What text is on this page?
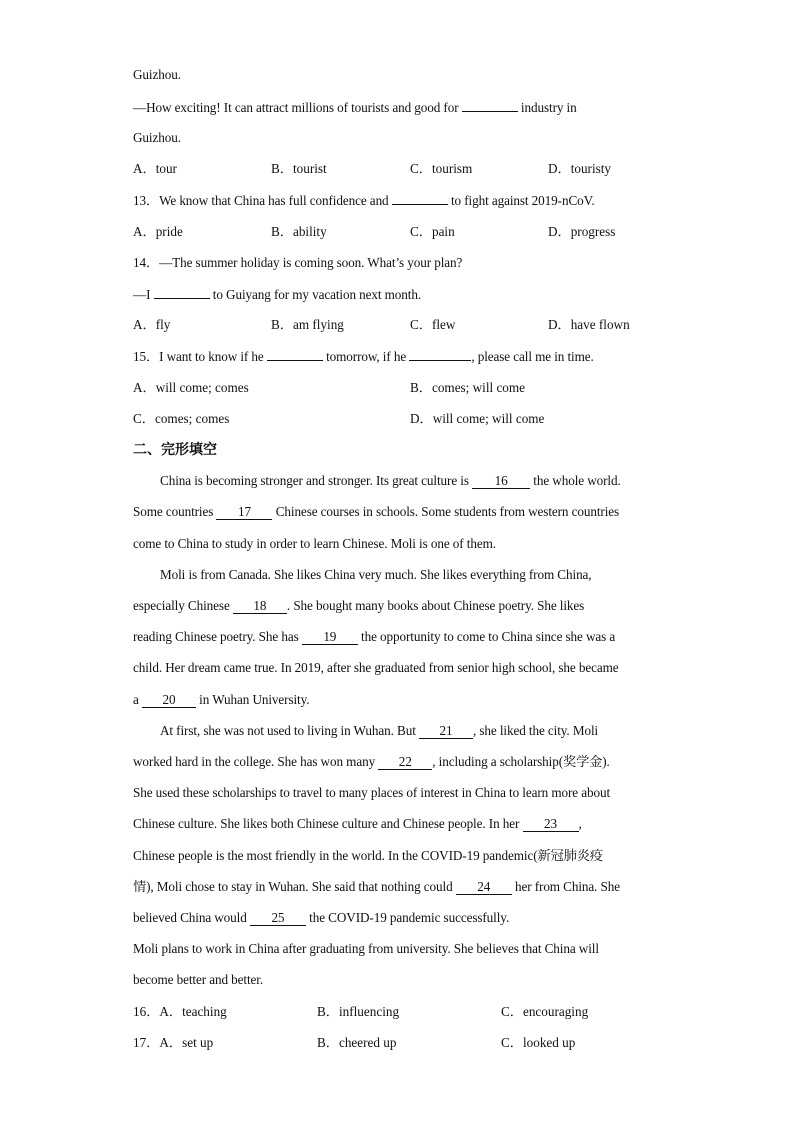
Guizhou.
—How exciting! It can attract millions of tourists and good for	industry in
Guizhou.
A．tour	B．tourist	C．tourism	D．touristy
13．We know that China has full confidence and	to fight against 2019-nCoV.
A．pride	B．ability	C．pain	D．progress
14．—The summer holiday is coming soon. What’s your plan?
—I	to Guiyang for my vacation next month.
A．fly	B．am flying	C．flew	D．have flown
15．I want to know if he	tomorrow, if he	, please call me in time.
A．will come; comes	B．comes; will come
C．comes; comes	D．will come; will come
二、完形填空
China is becoming stronger and stronger. Its great culture is 16 the whole world.
Some countries 17 Chinese courses in schools. Some students from western countries
come to China to study in order to learn Chinese. Moli is one of them.
Moli is from Canada. She likes China very much. She likes everything from China,
especially Chinese 18 . She bought many books about Chinese poetry. She likes
reading Chinese poetry. She has 19 the opportunity to come to China since she was a
child. Her dream came true. In 2019, after she graduated from senior high school, she became
a 20 in Wuhan University.
At first, she was not used to living in Wuhan. But 21 , she liked the city. Moli
worked hard in the college. She has won many 22 , including a scholarship(奖学金).
She used these scholarships to travel to many places of interest in China to learn more about
Chinese culture. She likes both Chinese culture and Chinese people. In her 23 ,
Chinese people is the most friendly in the world. In the COVID-19 pandemic(新冠肺炎疫
情), Moli chose to stay in Wuhan. She said that nothing could 24 her from China. She
believed China would 25 the COVID-19 pandemic successfully.
Moli plans to work in China after graduating from university. She believes that China will
become better and better.
16．A．teaching	B．influencing	C．encouraging
17．A．set up	B．cheered up	C．looked up
